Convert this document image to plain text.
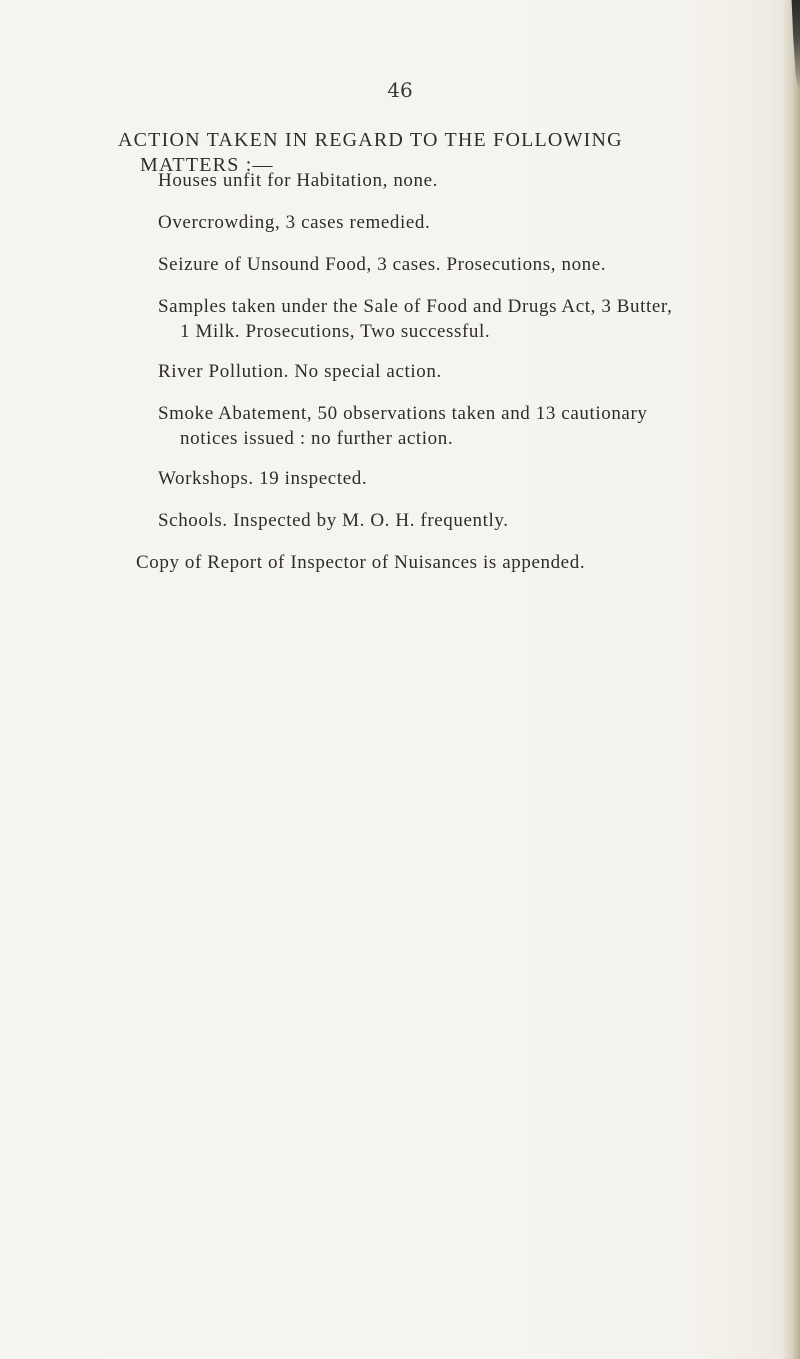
46
ACTION TAKEN IN REGARD TO THE FOLLOWING
MATTERS :—
Houses unfit for Habitation, none.
Overcrowding, 3 cases remedied.
Seizure of Unsound Food, 3 cases. Prosecutions, none.
Samples taken under the Sale of Food and Drugs Act, 3 Butter,
1 Milk. Prosecutions, Two successful.
River Pollution. No special action.
Smoke Abatement, 50 observations taken and 13 cautionary
notices issued : no further action.
Workshops. 19 inspected.
Schools. Inspected by M. O. H. frequently.
Copy of Report of Inspector of Nuisances is appended.
